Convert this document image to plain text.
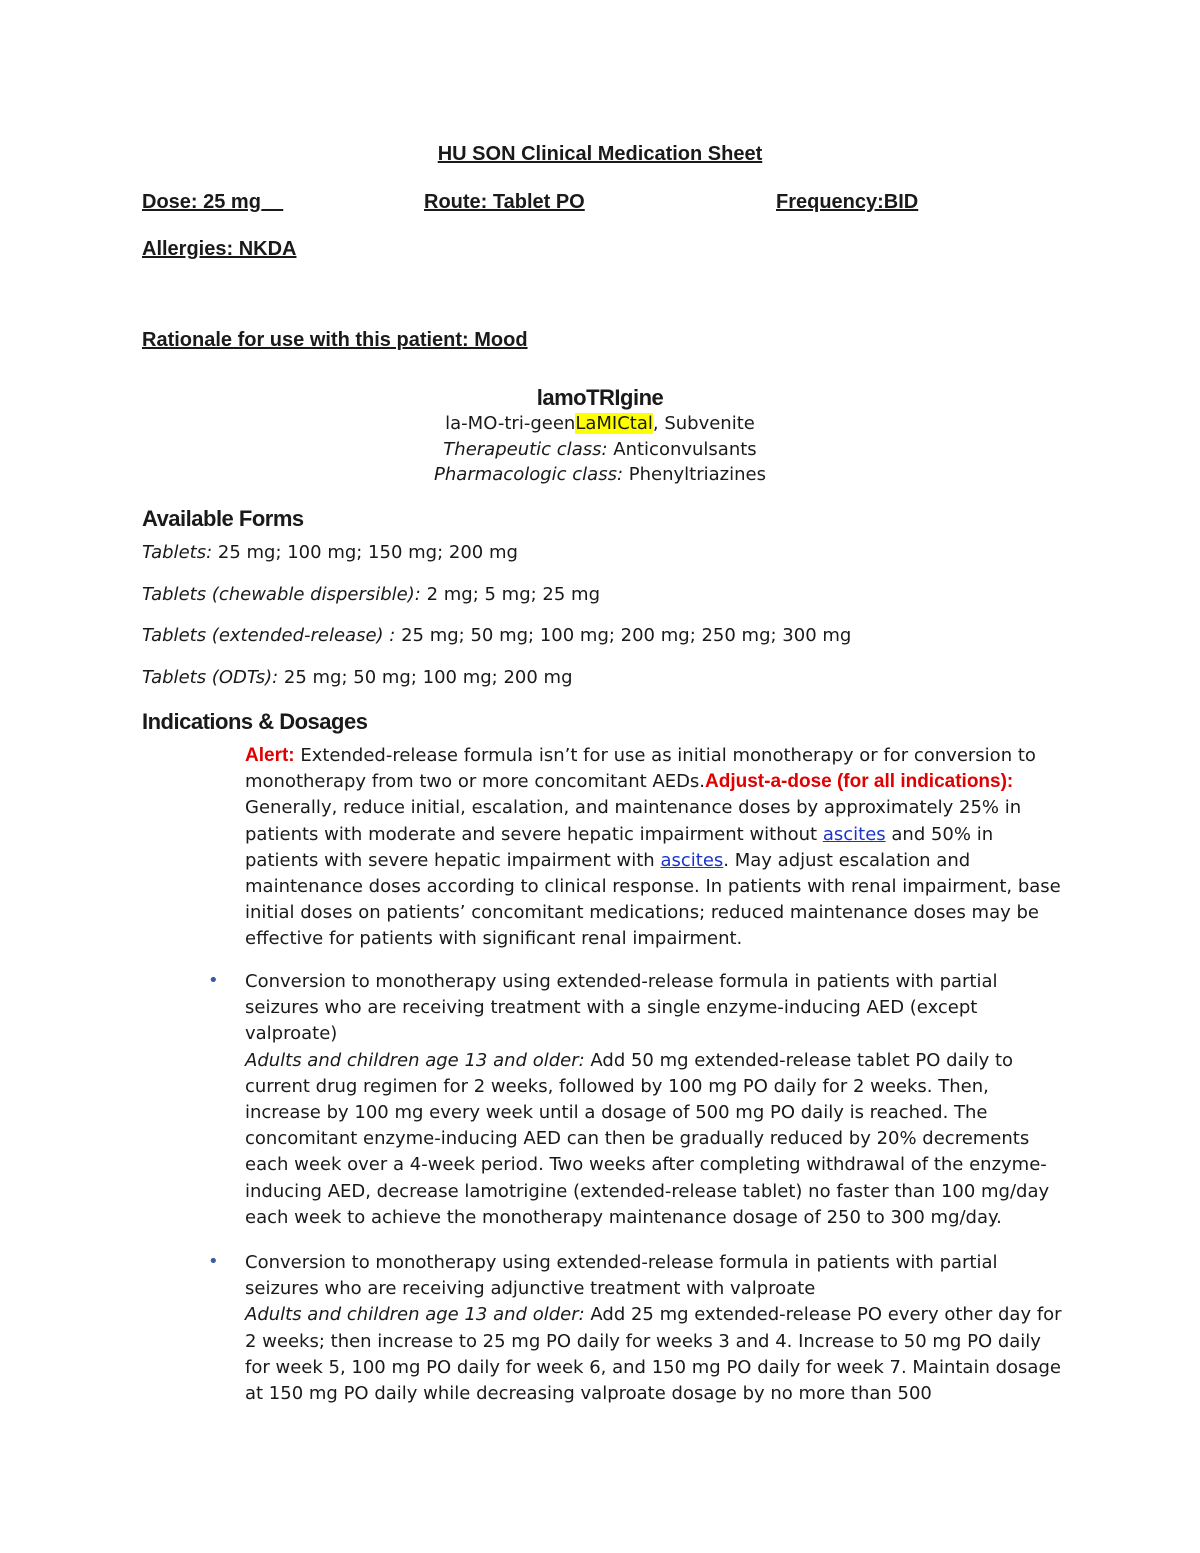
HU SON Clinical Medication Sheet
Dose: 25 mg__	Route: Tablet PO	Frequency:BID
Allergies: NKDA
Rationale for use with this patient: Mood
lamoTRIgine
la-MO-tri-geenLaMICtal, Subvenite
Therapeutic class: Anticonvulsants
Pharmacologic class: Phenyltriazines
Available Forms
Tablets: 25 mg; 100 mg; 150 mg; 200 mg
Tablets (chewable dispersible): 2 mg; 5 mg; 25 mg
Tablets (extended-release) : 25 mg; 50 mg; 100 mg; 200 mg; 250 mg; 300 mg
Tablets (ODTs): 25 mg; 50 mg; 100 mg; 200 mg
Indications & Dosages
Alert: Extended-release formula isn’t for use as initial monotherapy or for conversion to monotherapy from two or more concomitant AEDs.Adjust-a-dose (for all indications): Generally, reduce initial, escalation, and maintenance doses by approximately 25% in patients with moderate and severe hepatic impairment without ascites and 50% in patients with severe hepatic impairment with ascites. May adjust escalation and maintenance doses according to clinical response. In patients with renal impairment, base initial doses on patients’ concomitant medications; reduced maintenance doses may be effective for patients with significant renal impairment.
• Conversion to monotherapy using extended-release formula in patients with partial seizures who are receiving treatment with a single enzyme-inducing AED (except valproate)
Adults and children age 13 and older: Add 50 mg extended-release tablet PO daily to current drug regimen for 2 weeks, followed by 100 mg PO daily for 2 weeks. Then, increase by 100 mg every week until a dosage of 500 mg PO daily is reached. The concomitant enzyme-inducing AED can then be gradually reduced by 20% decrements each week over a 4-week period. Two weeks after completing withdrawal of the enzyme-inducing AED, decrease lamotrigine (extended-release tablet) no faster than 100 mg/day each week to achieve the monotherapy maintenance dosage of 250 to 300 mg/day.
• Conversion to monotherapy using extended-release formula in patients with partial seizures who are receiving adjunctive treatment with valproate
Adults and children age 13 and older: Add 25 mg extended-release PO every other day for 2 weeks; then increase to 25 mg PO daily for weeks 3 and 4. Increase to 50 mg PO daily for week 5, 100 mg PO daily for week 6, and 150 mg PO daily for week 7. Maintain dosage at 150 mg PO daily while decreasing valproate dosage by no more than 500
